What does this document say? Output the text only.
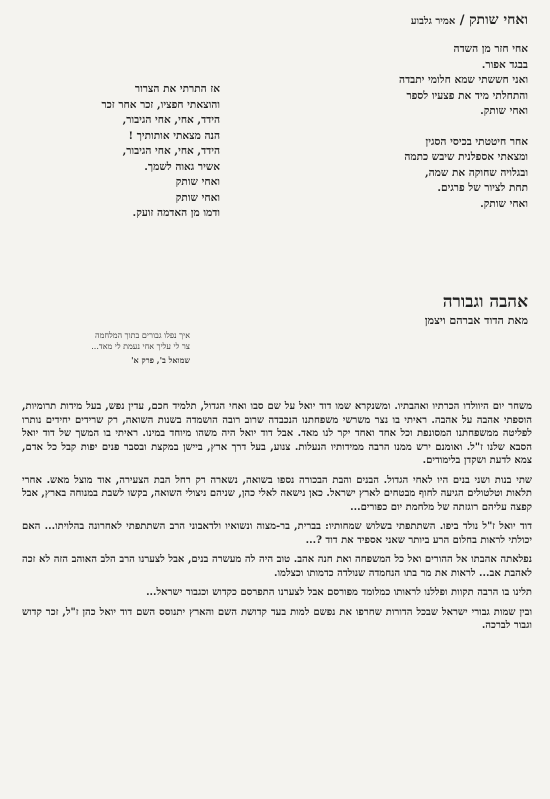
ואחי שותק / אמיר גלבוע
אחי חזר מן השדה
בבגד אפור.
ואני חששתי שמא חלומי יתבדה
והתחלתי מיד את פצעיו לספר
ואחי שותק.
אחר חיטטתי בכיסי הסגין
ומצאתי אספלנית שיבש כתמה
ובגלויה שחוקה את שמה,
תחת לציור של פרגים.
ואחי שותק.
אז התרתי את הצרור
והוצאתי חפציו, זכר אחר זכר
הידד, אחי, אחי הגיבור,
הנה מצאתי אותותיך !
הידד, אחי, אחי הגיבור,
אשיר גאוה לשמך.
ואחי שותק
ואחי שותק
ודמו מן האדמה זועק.
אהבה וגבורה
מאת הדוד אברהם ויצמן
איך נפלו גבורים בתוך המלחמה
צר לי עליך אחי נעמת לי מאד...
שמואל ב', פרק א'

משחר יום היוולדו הכרתיו ואהבתיו. ומשנקרא שמו דוד יואל על שם סבו ואחי הגדול, תלמיד חכם, עדין נפש, בעל מידות תרומיות, הוספתי אהבה על אהבה. ראיתי בו נצר משרשי משפחתנו הנכבדה שרוב רובה הושמדה בשנות השואה, רק שרידים יחידים נותרו לפליטה ממשפחתנו המסונפת וכל אחד ואחד יקר לנו מאד. אבל דוד יואל היה משהו מיוחד במינו. ראיתי בו המשך של דוד יואל הסבא שלנו ז"ל. ואומנם ירש ממנו הרבה ממידותיו הנעלות. צנוע, בעל דרך ארץ, ביישן במקצת ובסבר פנים יפות קבל כל אדם, צמא לדעת ושקדן בלימודים.

שתי בנות ושני בנים היו לאחי הגדול. הבנים והבת הבכורה נספו בשואה, נשארה רק רחל הבת הצעירה, אוד מוצל מאש. אחרי תלאות וטלטולים הגיעה לחוף מבטחים לארץ ישראל. כאן נישאה לאלי כהן, שניהם ניצולי השואה, בקשו לשבת במנוחה בארץ, אבל קפצה עליהם רוגזתה של מלחמת יום כפורים...

דוד יואל ז"ל נולד ביפו. השתתפתי בשלוש שמחותיו: בברית, בר-מצוה ונשואיו ולדאבוני הרב השתתפתי לאחרונה בהלויתו... האם יכולתי לראות בחלום הרע ביותר שאני אספיד את דוד ?...

נפלאתה אהבתו אל ההורים ואל כל המשפחה ואת חנה אהב. טוב היה לה מעשרה בנים, אבל לצערנו הרב הלב האוהב הזה לא זכה לאהבת אב... לראות את מר בתו הנחמדה שנולדה כדמותו וכצלמו.

תלינו בו הרבה תקוות ופללנו לראותו כמלומד מפורסם אבל לצערנו התפרסם כקדוש וכגבור ישראל...

ובין שמות גבורי ישראל שבכל הדורות שחרפו את נפשם למות בעד קדושת השם והארץ יתנוסס השם דוד יואל כהן ז"ל, זכר קדוש וגבור לברכה.
